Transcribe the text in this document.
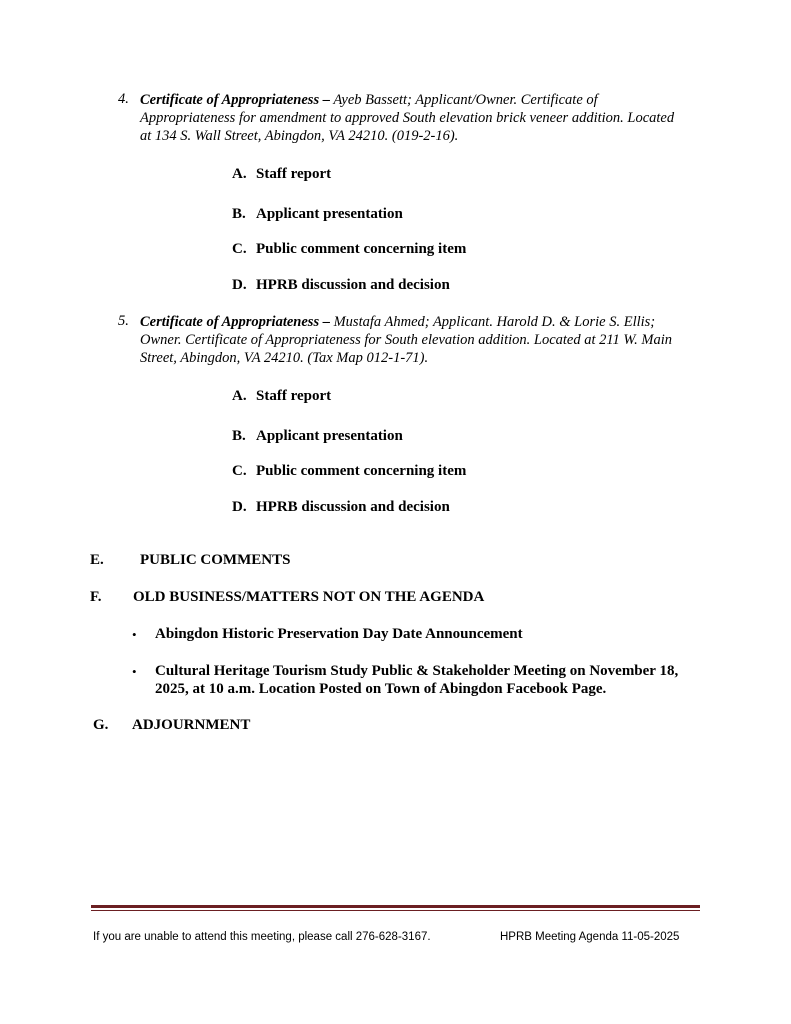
4. Certificate of Appropriateness – Ayeb Bassett; Applicant/Owner. Certificate of Appropriateness for amendment to approved South elevation brick veneer addition. Located at 134 S. Wall Street, Abingdon, VA 24210. (019-2-16).
A. Staff report
B. Applicant presentation
C. Public comment concerning item
D. HPRB discussion and decision
5. Certificate of Appropriateness – Mustafa Ahmed; Applicant. Harold D. & Lorie S. Ellis; Owner. Certificate of Appropriateness for South elevation addition. Located at 211 W. Main Street, Abingdon, VA 24210. (Tax Map 012-1-71).
A. Staff report
B. Applicant presentation
C. Public comment concerning item
D. HPRB discussion and decision
E. PUBLIC COMMENTS
F. OLD BUSINESS/MATTERS NOT ON THE AGENDA
• Abingdon Historic Preservation Day Date Announcement
• Cultural Heritage Tourism Study Public & Stakeholder Meeting on November 18, 2025, at 10 a.m. Location Posted on Town of Abingdon Facebook Page.
G. ADJOURNMENT
If you are unable to attend this meeting, please call 276-628-3167.	HPRB Meeting Agenda 11-05-2025
